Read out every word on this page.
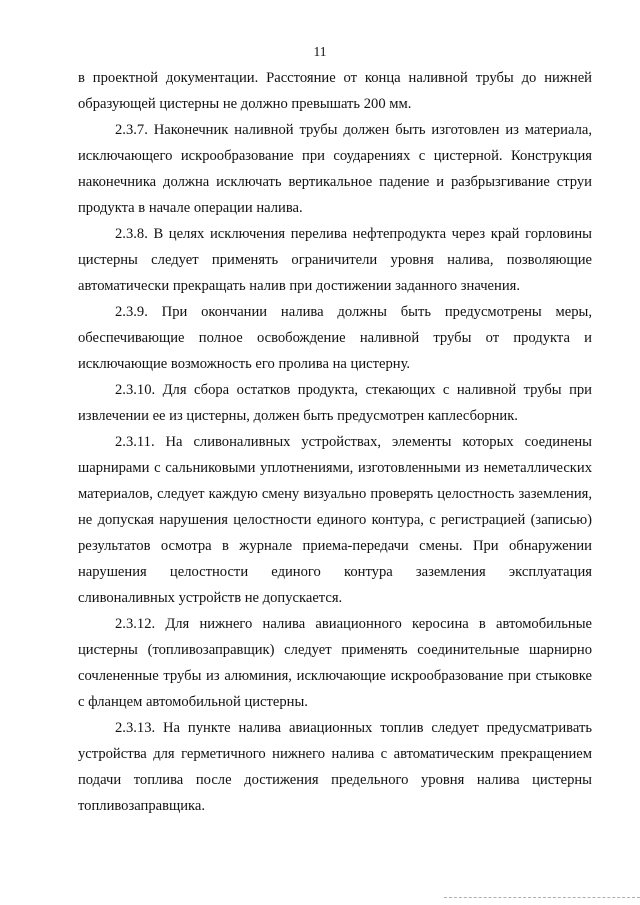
11

в проектной документации. Расстояние от конца наливной трубы до нижней образующей цистерны не должно превышать 200 мм.

2.3.7. Наконечник наливной трубы должен быть изготовлен из материала, исключающего искрообразование при соударениях с цистерной. Конструкция наконечника должна исключать вертикальное падение и разбрызгивание струи продукта в начале операции налива.

2.3.8. В целях исключения перелива нефтепродукта через край горловины цистерны следует применять ограничители уровня налива, позволяющие автоматически прекращать налив при достижении заданного значения.

2.3.9. При окончании налива должны быть предусмотрены меры, обеспечивающие полное освобождение наливной трубы от продукта и исключающие возможность его пролива на цистерну.

2.3.10. Для сбора остатков продукта, стекающих с наливной трубы при извлечении ее из цистерны, должен быть предусмотрен каплесборник.

2.3.11. На сливоналивных устройствах, элементы которых соединены шарнирами с сальниковыми уплотнениями, изготовленными из неметаллических материалов, следует каждую смену визуально проверять целостность заземления, не допуская нарушения целостности единого контура, с регистрацией (записью) результатов осмотра в журнале приема-передачи смены. При обнаружении нарушения целостности единого контура заземления эксплуатация сливоналивных устройств не допускается.

2.3.12. Для нижнего налива авиационного керосина в автомобильные цистерны (топливозаправщик) следует применять соединительные шарнирно сочлененные трубы из алюминия, исключающие искрообразование при стыковке с фланцем автомобильной цистерны.

2.3.13. На пункте налива авиационных топлив следует предусматривать устройства для герметичного нижнего налива с автоматическим прекращением подачи топлива после достижения предельного уровня налива цистерны топливозаправщика.
